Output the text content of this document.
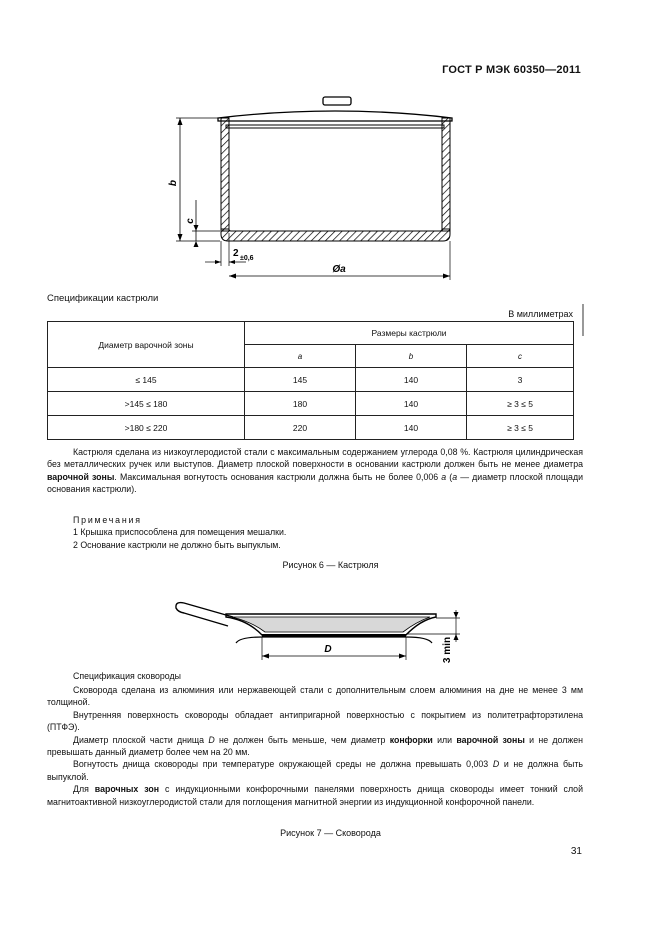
ГОСТ Р МЭК 60350—2011
b
c
2 ±0,6
Øa
Спецификации кастрюли
В миллиметрах
Диаметр варочной зоны	Размеры кастрюли		
	a	b	c
≤ 145	145	140	3
>145 ≤ 180	180	140	≥ 3 ≤ 5
>180 ≤ 220	220	140	≥ 3 ≤ 5

Кастрюля сделана из низкоуглеродистой стали с максимальным содержанием углерода 0,08 %. Кастрюля цилиндрическая без металлических ручек или выступов. Диаметр плоской поверхности в основании кастрюли должен быть не менее диаметра варочной зоны. Максимальная вогнутость основания кастрюли должна быть не более 0,006 a (a — диаметр плоской площади основания кастрюли).

Примечания
1 Крышка приспособлена для помещения мешалки.
2 Основание кастрюли не должно быть выпуклым.
Рисунок 6 — Кастрюля
D	3 min
Спецификация сковороды

Сковорода сделана из алюминия или нержавеющей стали с дополнительным слоем алюминия на дне не менее 3 мм толщиной.

Внутренняя поверхность сковороды обладает антипригарной поверхностью с покрытием из политетрафторэтилена (ПТФЭ).

Диаметр плоской части днища D не должен быть меньше, чем диаметр конфорки или варочной зоны и не должен превышать данный диаметр более чем на 20 мм.

Вогнутость днища сковороды при температуре окружающей среды не должна превышать 0,003 D и не должна быть выпуклой.

Для варочных зон с индукционными конфорочными панелями поверхность днища сковороды имеет тонкий слой магнитоактивной низкоуглеродистой стали для поглощения магнитной энергии из индукционной конфорочной панели.

Рисунок 7 — Сковорода
31
